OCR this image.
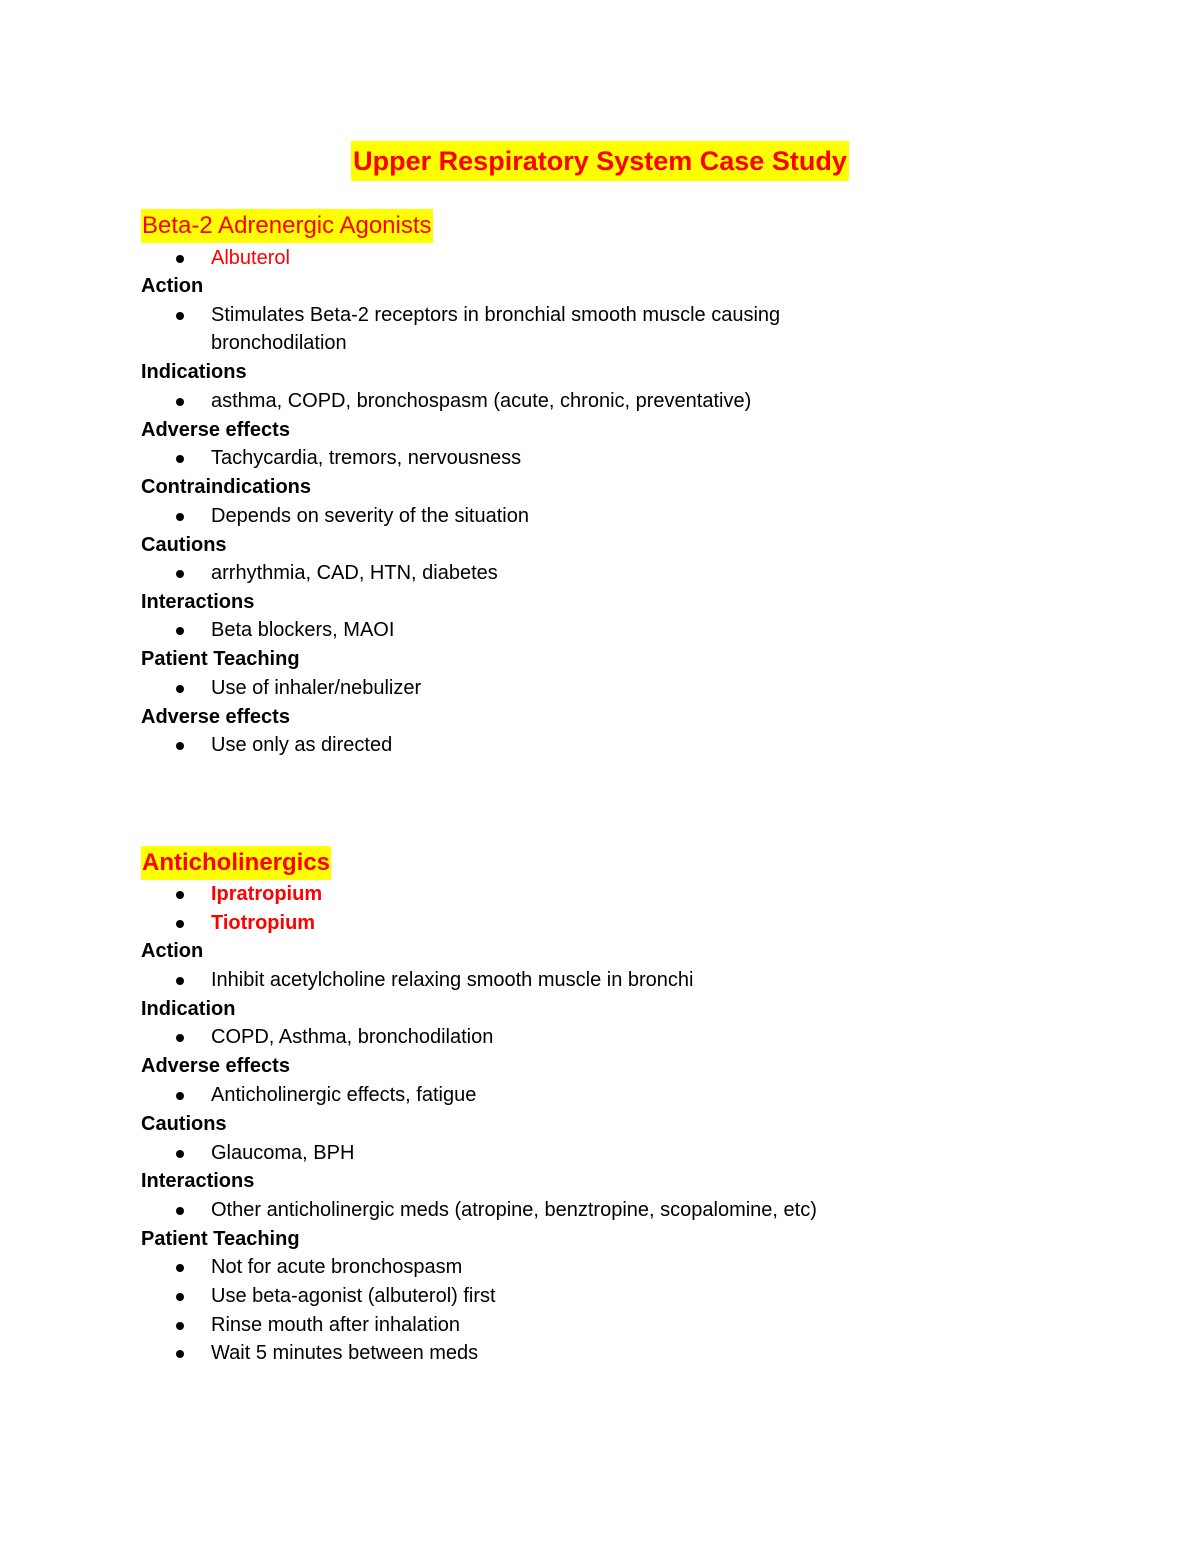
Upper Respiratory System Case Study
Beta-2 Adrenergic Agonists
Albuterol
Action
Stimulates Beta-2 receptors in bronchial smooth muscle causing
bronchodilation
Indications
asthma, COPD, bronchospasm (acute, chronic, preventative)
Adverse effects
Tachycardia, tremors, nervousness
Contraindications
Depends on severity of the situation
Cautions
arrhythmia, CAD, HTN, diabetes
Interactions
Beta blockers, MAOI
Patient Teaching
Use of inhaler/nebulizer
Adverse effects
Use only as directed
Anticholinergics
Ipratropium
Tiotropium
Action
Inhibit acetylcholine relaxing smooth muscle in bronchi
Indication
COPD, Asthma, bronchodilation
Adverse effects
Anticholinergic effects, fatigue
Cautions
Glaucoma, BPH
Interactions
Other anticholinergic meds (atropine, benztropine, scopalomine, etc)
Patient Teaching
Not for acute bronchospasm
Use beta-agonist (albuterol) first
Rinse mouth after inhalation
Wait 5 minutes between meds
